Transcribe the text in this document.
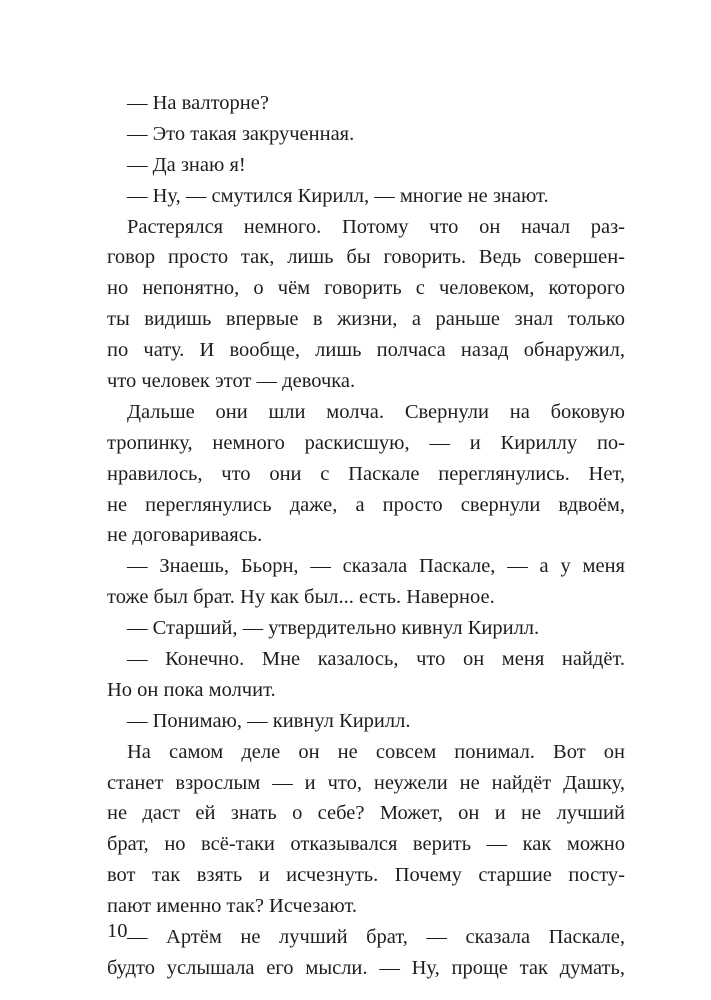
— На валторне?
— Это такая закрученная.
— Да знаю я!
— Ну, — смутился Кирилл, — многие не знают.
Растерялся немного. Потому что он начал раз-
говор просто так, лишь бы говорить. Ведь совершен-
но непонятно, о чём говорить с человеком, которого
ты видишь впервые в жизни, а раньше знал только
по чату. И вообще, лишь полчаса назад обнаружил,
что человек этот — девочка.
Дальше они шли молча. Свернули на боковую
тропинку, немного раскисшую, — и Кириллу по-
нравилось, что они с Паскале переглянулись. Нет,
не переглянулись даже, а просто свернули вдвоём,
не договариваясь.
— Знаешь, Бьорн, — сказала Паскале, — а у меня
тоже был брат. Ну как был... есть. Наверное.
— Старший, — утвердительно кивнул Кирилл.
— Конечно. Мне казалось, что он меня найдёт.
Но он пока молчит.
— Понимаю, — кивнул Кирилл.
На самом деле он не совсем понимал. Вот он
станет взрослым — и что, неужели не найдёт Дашку,
не даст ей знать о себе? Может, он и не лучший
брат, но всё-таки отказывался верить — как можно
вот так взять и исчезнуть. Почему старшие посту-
пают именно так? Исчезают.
— Артём не лучший брат, — сказала Паскале,
будто услышала его мысли. — Ну, проще так думать,
10
